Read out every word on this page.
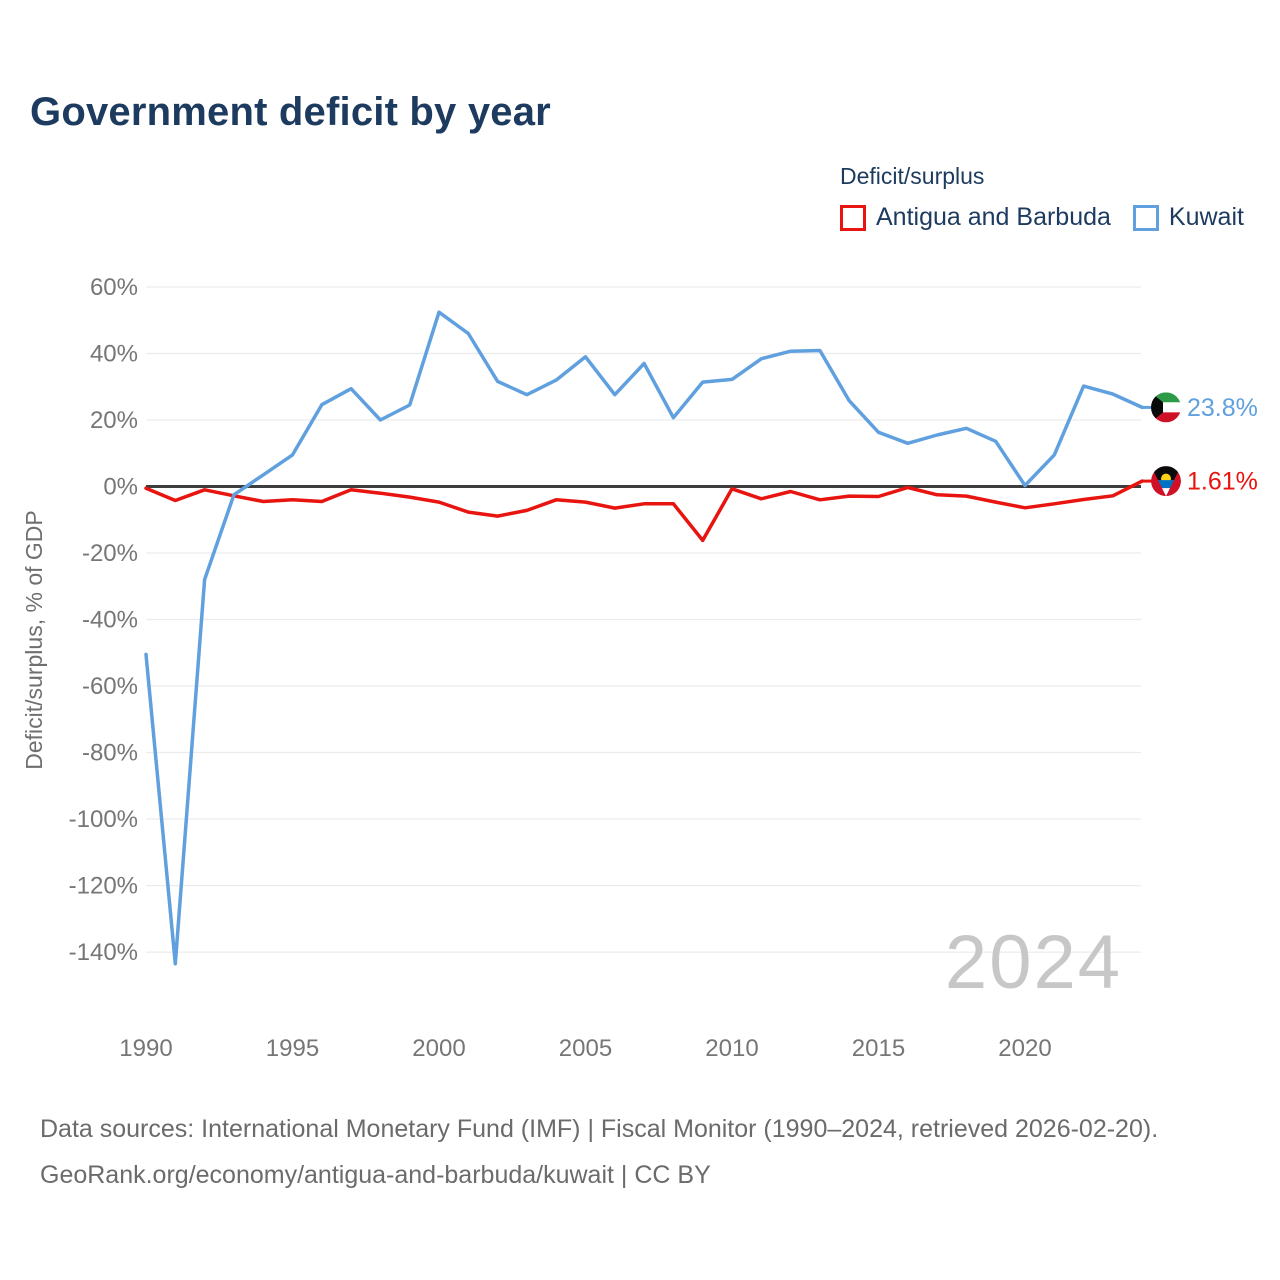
Government deficit by year
Deficit/surplus
Antigua and Barbuda Kuwait
2024
60%
40%
20%
0%
-20%
-40%
-60%
-80%
-100%
-120%
-140%
1990	1995	2000	2005	2010	2015	2020
Deficit/surplus, % of GDP
1.61%
23.8%
Data sources: International Monetary Fund (IMF) | Fiscal Monitor (1990–2024, retrieved 2026-02-20).
GeoRank.org/economy/antigua-and-barbuda/kuwait | CC BY
